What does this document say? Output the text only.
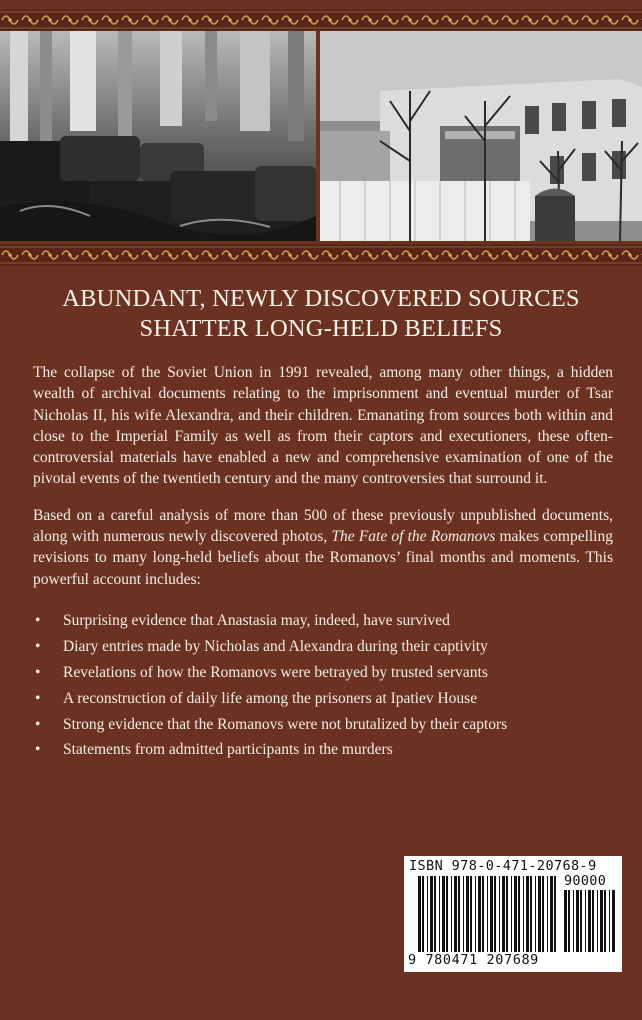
ABUNDANT, NEWLY DISCOVERED SOURCES
SHATTER LONG-HELD BELIEFS

The collapse of the Soviet Union in 1991 revealed, among many other things, a hidden wealth of archival documents relating to the imprisonment and eventual murder of Tsar Nicholas II, his wife Alexandra, and their children. Emanating from sources both within and close to the Imperial Family as well as from their captors and executioners, these often-controversial materials have enabled a new and comprehensive examination of one of the pivotal events of the twentieth century and the many controversies that surround it.

Based on a careful analysis of more than 500 of these previously unpublished documents, along with numerous newly discovered photos, The Fate of the Romanovs makes compelling revisions to many long-held beliefs about the Romanovs’ final months and moments. This powerful account includes:

• Surprising evidence that Anastasia may, indeed, have survived
• Diary entries made by Nicholas and Alexandra during their captivity
• Revelations of how the Romanovs were betrayed by trusted servants
• A reconstruction of daily life among the prisoners at Ipatiev House
• Strong evidence that the Romanovs were not brutalized by their captors
• Statements from admitted participants in the murders
ISBN 978-0-471-20768-9
90000
9 780471 207689
